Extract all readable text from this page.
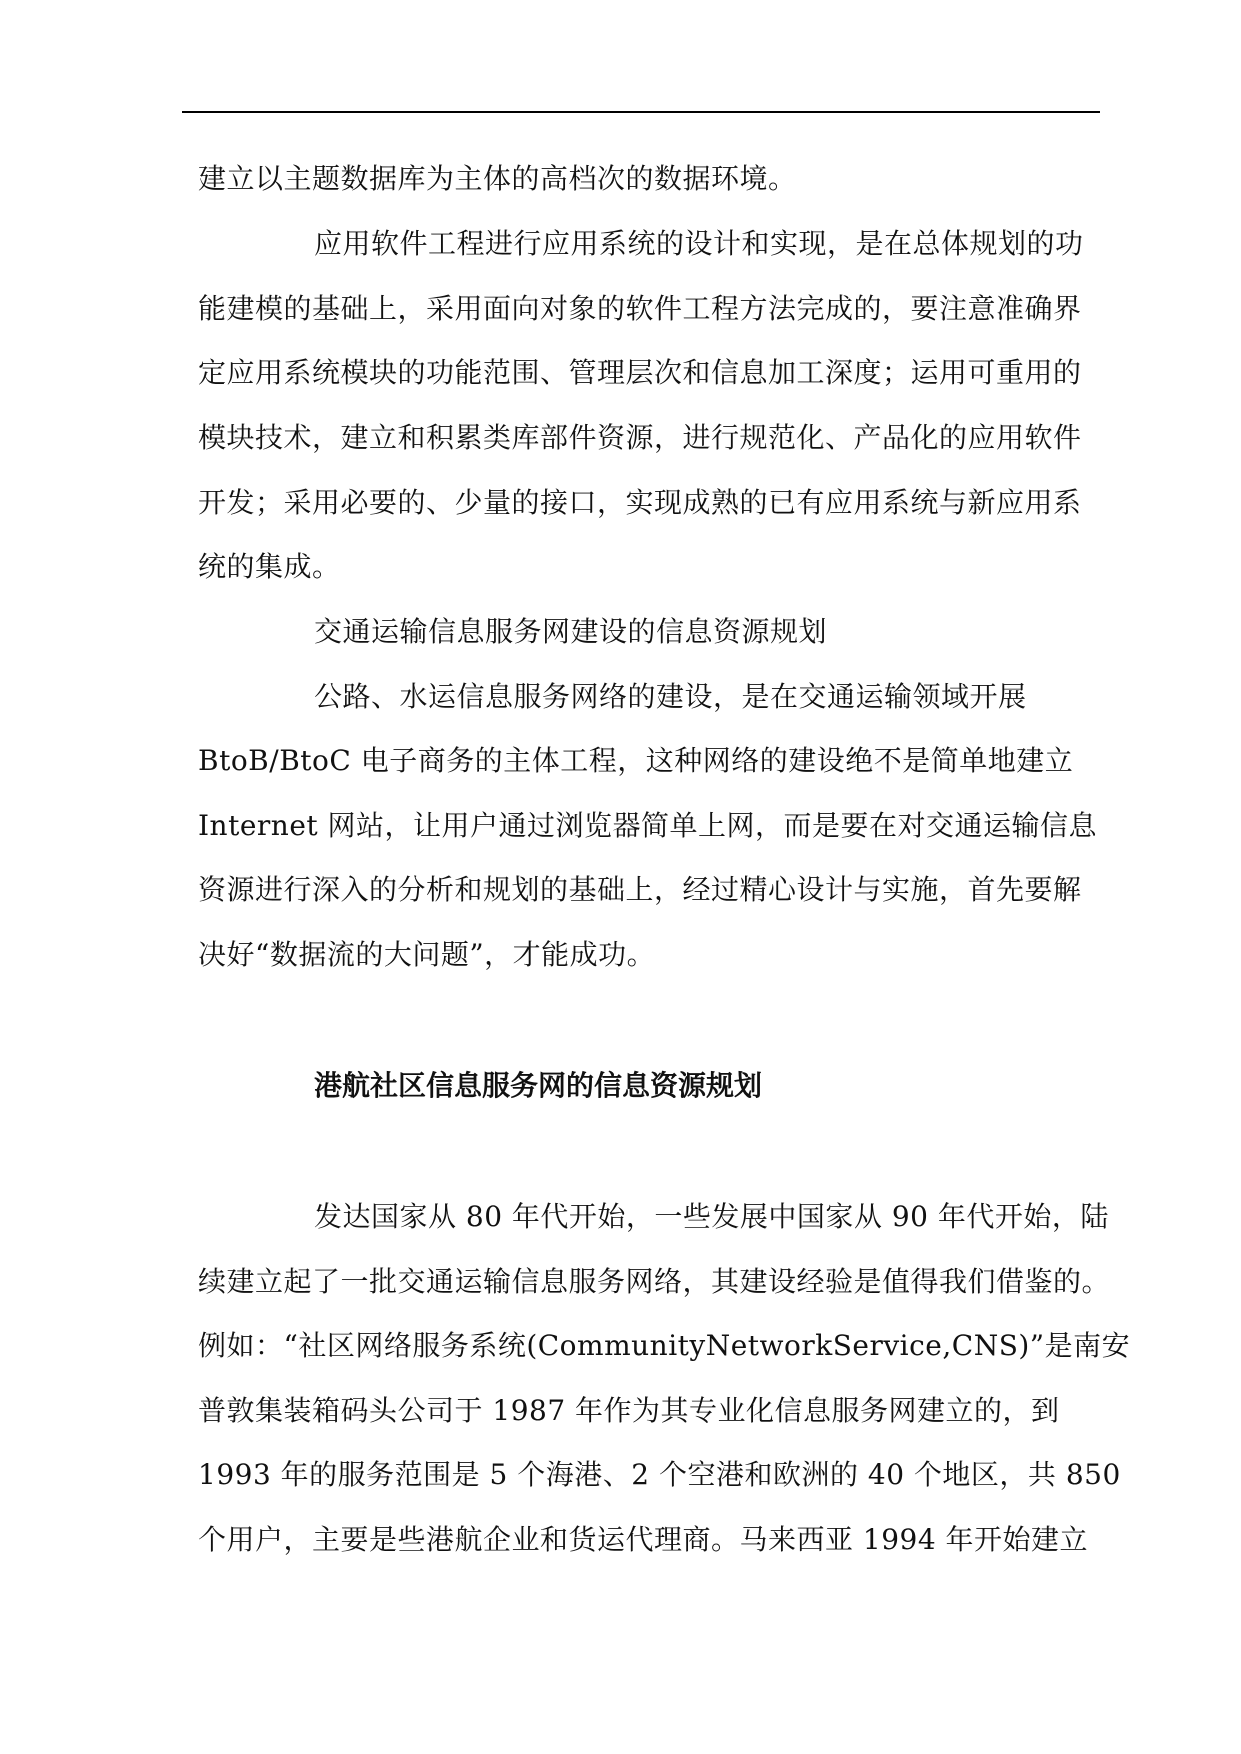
建立以主题数据库为主体的高档次的数据环境。
应用软件工程进行应用系统的设计和实现，是在总体规划的功
能建模的基础上，采用面向对象的软件工程方法完成的，要注意准确界
定应用系统模块的功能范围、管理层次和信息加工深度；运用可重用的
模块技术，建立和积累类库部件资源，进行规范化、产品化的应用软件
开发；采用必要的、少量的接口，实现成熟的已有应用系统与新应用系
统的集成。
交通运输信息服务网建设的信息资源规划
公路、水运信息服务网络的建设，是在交通运输领域开展
BtoB/BtoC 电子商务的主体工程，这种网络的建设绝不是简单地建立
Internet 网站，让用户通过浏览器简单上网，而是要在对交通运输信息
资源进行深入的分析和规划的基础上，经过精心设计与实施，首先要解
决好“数据流的大问题”，才能成功。
港航社区信息服务网的信息资源规划
发达国家从 80 年代开始，一些发展中国家从 90 年代开始，陆
续建立起了一批交通运输信息服务网络，其建设经验是值得我们借鉴的。
例如：“社区网络服务系统(CommunityNetworkService,CNS)”是南安
普敦集装箱码头公司于 1987 年作为其专业化信息服务网建立的，到
1993 年的服务范围是 5 个海港、2 个空港和欧洲的 40 个地区，共 850
个用户，主要是些港航企业和货运代理商。马来西亚 1994 年开始建立
